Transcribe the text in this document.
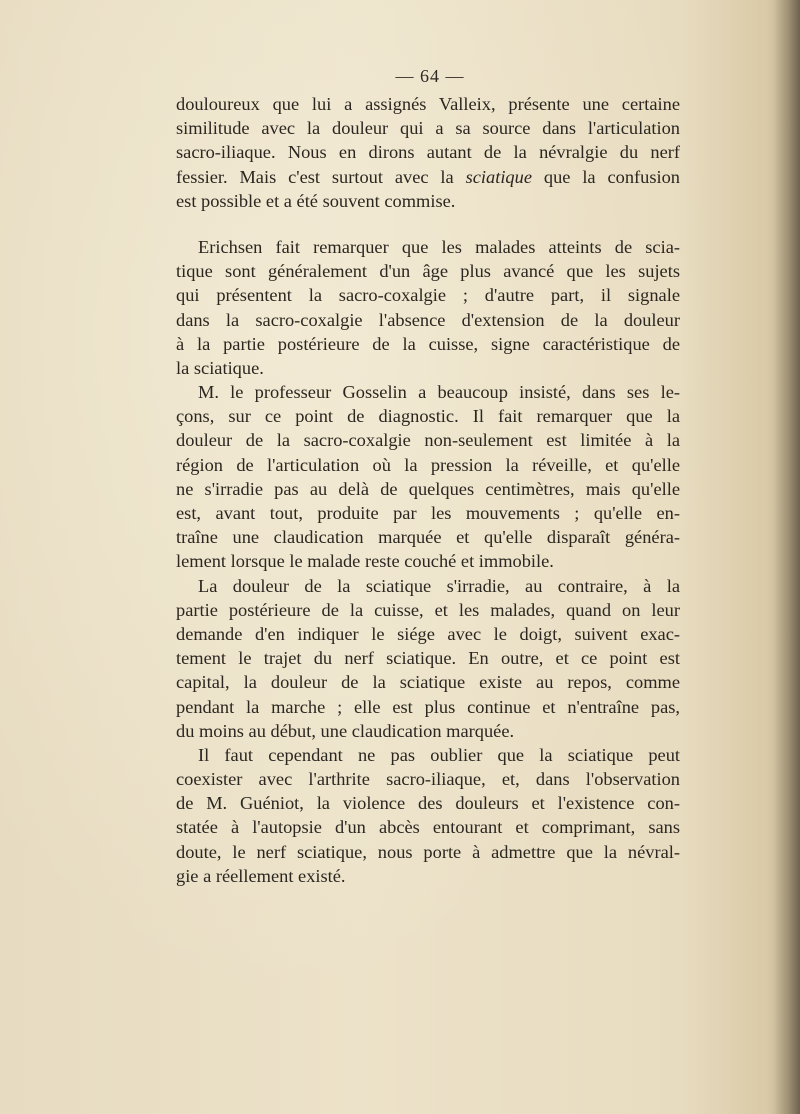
— 64 —
douloureux que lui a assignés Valleix, présente une certaine
similitude avec la douleur qui a sa source dans l'articulation
sacro-iliaque. Nous en dirons autant de la névralgie du nerf
fessier. Mais c'est surtout avec la sciatique que la confusion
est possible et a été souvent commise.
Erichsen fait remarquer que les malades atteints de scia-
tique sont généralement d'un âge plus avancé que les sujets
qui présentent la sacro-coxalgie ; d'autre part, il signale
dans la sacro-coxalgie l'absence d'extension de la douleur
à la partie postérieure de la cuisse, signe caractéristique de
la sciatique.
M. le professeur Gosselin a beaucoup insisté, dans ses le-
çons, sur ce point de diagnostic. Il fait remarquer que la
douleur de la sacro-coxalgie non-seulement est limitée à la
région de l'articulation où la pression la réveille, et qu'elle
ne s'irradie pas au delà de quelques centimètres, mais qu'elle
est, avant tout, produite par les mouvements ; qu'elle en-
traîne une claudication marquée et qu'elle disparaît généra-
lement lorsque le malade reste couché et immobile.
La douleur de la sciatique s'irradie, au contraire, à la
partie postérieure de la cuisse, et les malades, quand on leur
demande d'en indiquer le siége avec le doigt, suivent exac-
tement le trajet du nerf sciatique. En outre, et ce point est
capital, la douleur de la sciatique existe au repos, comme
pendant la marche ; elle est plus continue et n'entraîne pas,
du moins au début, une claudication marquée.
Il faut cependant ne pas oublier que la sciatique peut
coexister avec l'arthrite sacro-iliaque, et, dans l'observation
de M. Guéniot, la violence des douleurs et l'existence con-
statée à l'autopsie d'un abcès entourant et comprimant, sans
doute, le nerf sciatique, nous porte à admettre que la névral-
gie a réellement existé.
